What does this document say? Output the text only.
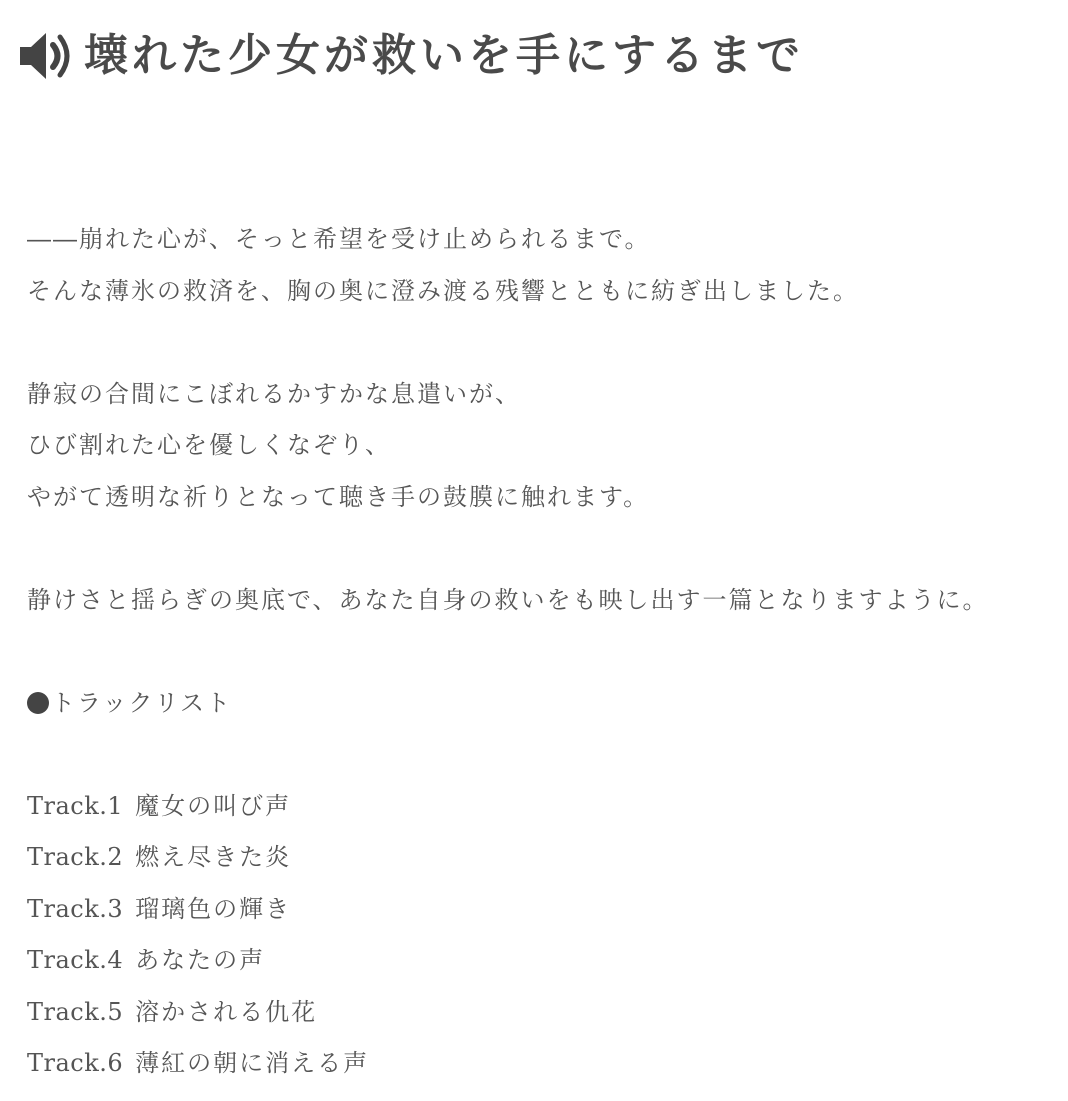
壊れた少女が救いを手にするまで
――崩れた心が、そっと希望を受け止められるまで。
そんな薄氷の救済を、胸の奥に澄み渡る残響とともに紡ぎ出しました。
静寂の合間にこぼれるかすかな息遣いが、
ひび割れた心を優しくなぞり、
やがて透明な祈りとなって聴き手の鼓膜に触れます。
静けさと揺らぎの奥底で、あなた自身の救いをも映し出す一篇となりますように。
トラックリスト
Track.1 魔女の叫び声
Track.2 燃え尽きた炎
Track.3 瑠璃色の輝き
Track.4 あなたの声
Track.5 溶かされる仇花
Track.6 薄紅の朝に消える声
